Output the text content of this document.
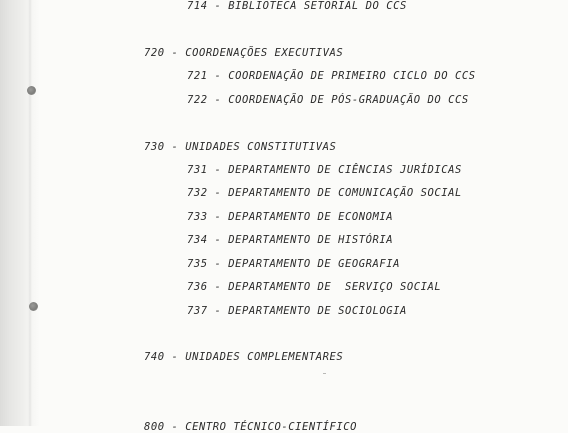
714 - BIBLIOTECA SETORIAL DO CCS
720 - COORDENAÇÕES EXECUTIVAS
721 - COORDENAÇÃO DE PRIMEIRO CICLO DO CCS
722 - COORDENAÇÃO DE PÓS-GRADUAÇÃO DO CCS
730 - UNIDADES CONSTITUTIVAS
731 - DEPARTAMENTO DE CIÊNCIAS JURÍDICAS
732 - DEPARTAMENTO DE COMUNICAÇÃO SOCIAL
733 - DEPARTAMENTO DE ECONOMIA
734 - DEPARTAMENTO DE HISTÓRIA
735 - DEPARTAMENTO DE GEOGRAFIA
736 - DEPARTAMENTO DE  SERVIÇO SOCIAL
737 - DEPARTAMENTO DE SOCIOLOGIA
740 - UNIDADES COMPLEMENTARES
800 - CENTRO TÉCNICO-CIENTÍFICO
